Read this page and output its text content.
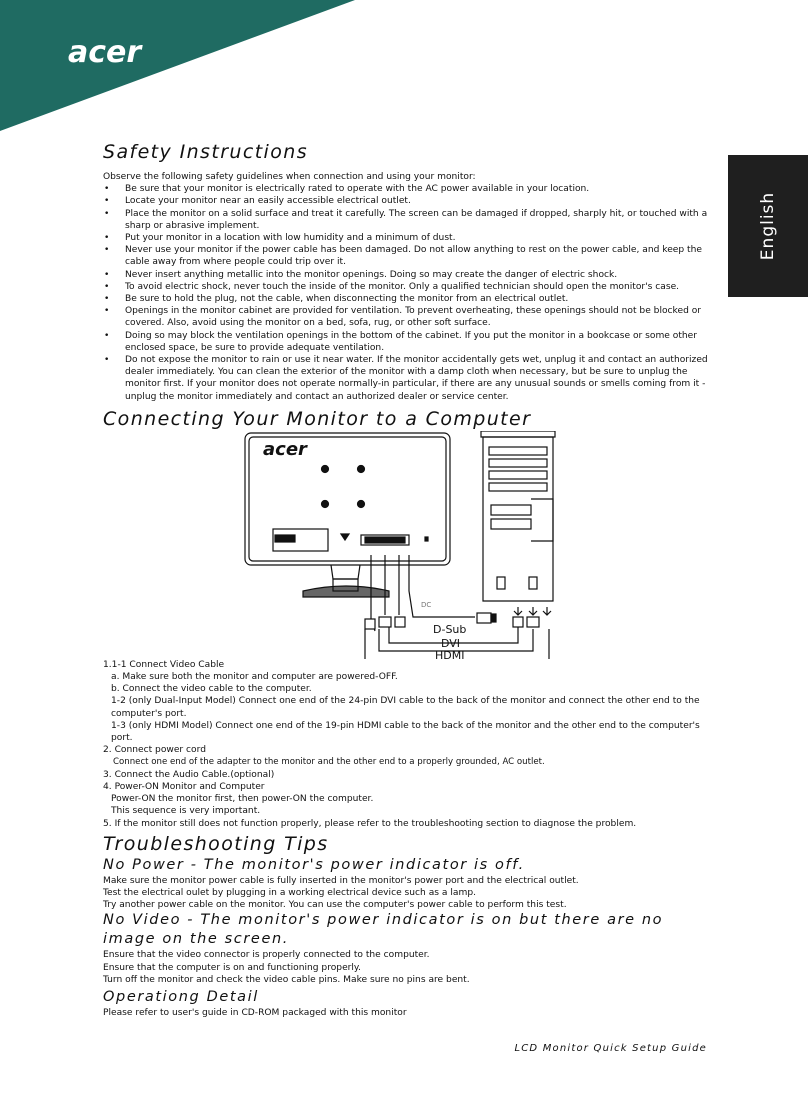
acer
English
Safety Instructions

Observe the following safety guidelines when connection and using your monitor:

• Be sure that your monitor is electrically rated to operate with the AC power available in your location.
• Locate your monitor near an easily accessible electrical outlet.
• Place the monitor on a solid surface and treat it carefully. The screen can be damaged if dropped, sharply hit, or touched with a sharp or abrasive implement.
• Put your monitor in a location with low humidity and a minimum of dust.
• Never use your monitor if the power cable has been damaged. Do not allow anything to rest on the power cable, and keep the cable away from where people could trip over it.
• Never insert anything metallic into the monitor openings. Doing so may create the danger of electric shock.
• To avoid electric shock, never touch the inside of the monitor. Only a qualified technician should open the monitor's case.
• Be sure to hold the plug, not the cable, when disconnecting the monitor from an electrical outlet.
• Openings in the monitor cabinet are provided for ventilation. To prevent overheating, these openings should not be blocked or covered. Also, avoid using the monitor on a bed, sofa, rug, or other soft surface.
• Doing so may block the ventilation openings in the bottom of the cabinet. If you put the monitor in a bookcase or some other enclosed space, be sure to provide adequate ventilation.
• Do not expose the monitor to rain or use it near water. If the monitor accidentally gets wet, unplug it and contact an authorized dealer immediately. You can clean the exterior of the monitor with a damp cloth when necessary, but be sure to unplug the monitor first. If your monitor does not operate normally-in particular, if there are any unusual sounds or smells coming from it -unplug the monitor immediately and contact an authorized dealer or service center.
Connecting Your Monitor to a Computer
acer
DC
D-Sub
DVI
HDMI

1.1-1 Connect Video Cable

a. Make sure both the monitor and computer are powered-OFF.

b. Connect the video cable to the computer.

1-2 (only Dual-Input Model) Connect one end of the 24-pin DVI cable to the back of the monitor and connect the other end to the computer's port.

1-3 (only HDMI Model) Connect one end of the 19-pin HDMI cable to the back of the monitor and the other end to the computer's port.

2. Connect power cord

Connect one end of the adapter to the monitor and the other end to a properly grounded, AC outlet.

3. Connect the Audio Cable.(optional)

4. Power-ON Monitor and Computer

Power-ON the monitor first, then power-ON the computer.

This sequence is very important.

5. If the monitor still does not function properly, please refer to the troubleshooting section to diagnose the problem.

Troubleshooting Tips
No Power - The monitor's power indicator is off.

Make sure the monitor power cable is fully inserted in the monitor's power port and the electrical outlet.

Test the electrical oulet by plugging in a working electrical device such as a lamp.

Try another power cable on the monitor. You can use the computer's power cable to perform this test.

No Video - The monitor's power indicator is on but there are no image on the screen.

Ensure that the video connector is properly connected to the computer.

Ensure that the computer is on and functioning properly.

Turn off the monitor and check the video cable pins. Make sure no pins are bent.

Operationg Detail

Please refer to user's guide in CD-ROM packaged with this monitor

LCD Monitor Quick Setup Guide
